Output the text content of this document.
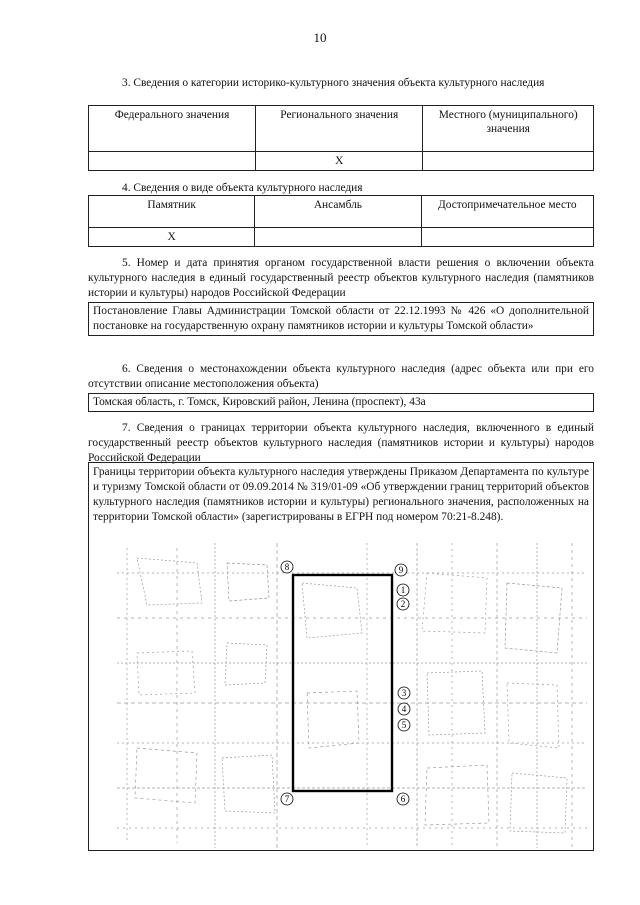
10

3. Сведения о категории историко-культурного значения объекта культурного наследия

Федерального значения	Регионального значения	Местного (муниципального) значения
	Х	

4. Сведения о виде объекта культурного наследия

Памятник	Ансамбль	Достопримечательное место
Х		

5. Номер и дата принятия органом государственной власти решения о включении объекта культурного наследия в единый государственный реестр объектов культурного наследия (памятников истории и культуры) народов Российской Федерации

Постановление Главы Администрации Томской области от 22.12.1993 № 426 «О дополнительной постановке на государственную охрану памятников истории и культуры Томской области»

6. Сведения о местонахождении объекта культурного наследия (адрес объекта или при его отсутствии описание местоположения объекта)

Томская область, г. Томск, Кировский район, Ленина (проспект), 43а

7. Сведения о границах территории объекта культурного наследия, включенного в единый государственный реестр объектов культурного наследия (памятников истории и культуры) народов Российской Федерации

Границы территории объекта культурного наследия утверждены Приказом Департамента по культуре и туризму Томской области от 09.09.2014 № 319/01-09 «Об утверждении границ территорий объектов культурного наследия (памятников истории и культуры) регионального значения, расположенных на территории Томской области» (зарегистрированы в ЕГРН под номером 70:21-8.248).
8	9
1
2
3
4
5
6
7
